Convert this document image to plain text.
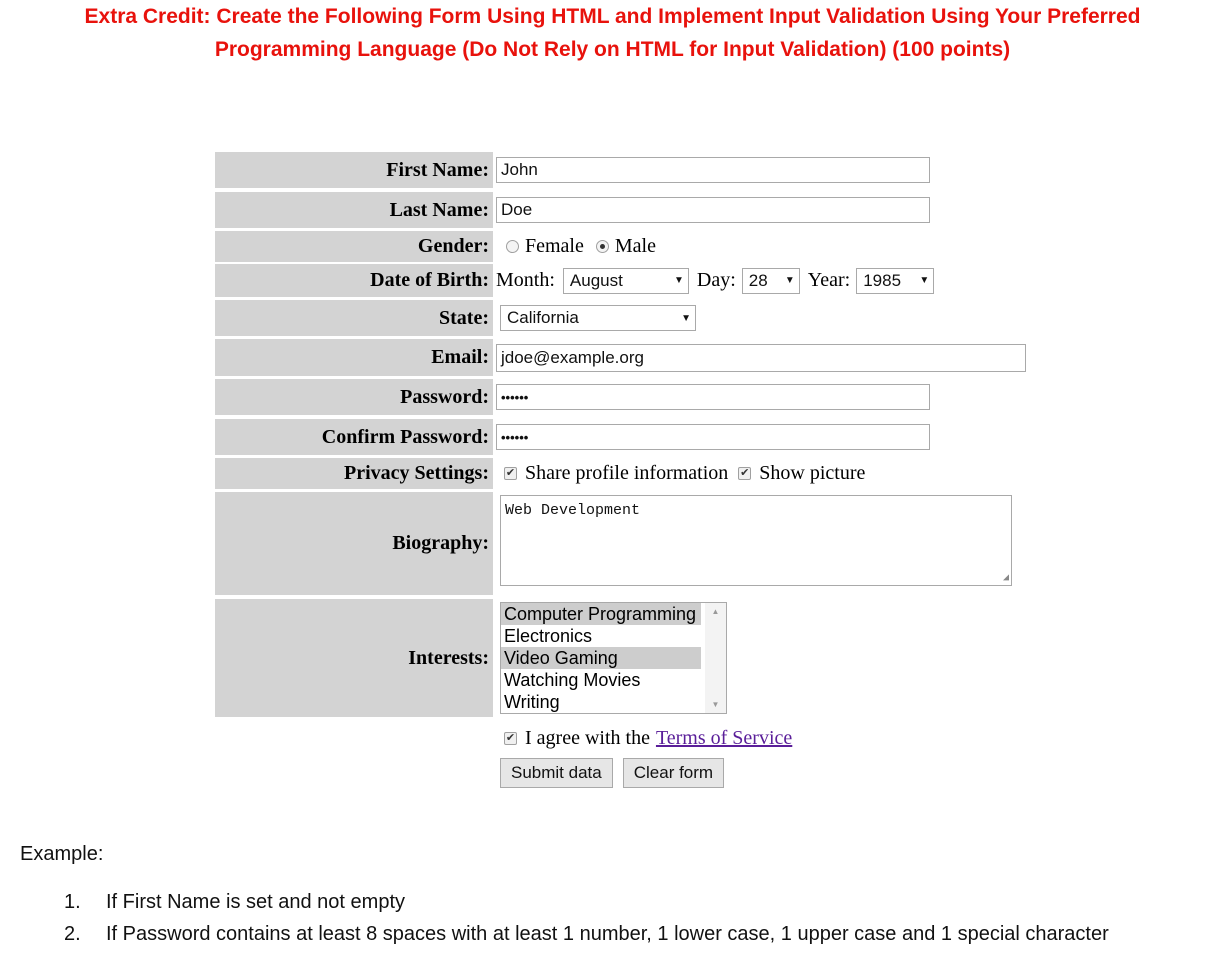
Extra Credit: Create the Following Form Using HTML and Implement Input Validation Using Your Preferred
Programming Language (Do Not Rely on HTML for Input Validation) (100 points)
First Name: John
Last Name: Doe
Gender: Female Male
Date of Birth: Month: August	▼ Day: 28 ▼ Year: 1985 ▼
State: California	▼
Email: jdoe@example.org
Password: ••••••
Confirm Password: ••••••
Privacy Settings:	✔ Share profile information ✔ Show picture
Biography:
Web Development
◢
Interests:
Computer Programming
Electronics
Video Gaming
Watching Movies
Writing
▲
▼
✔ I agree with the Terms of Service
Submit data	Clear form
Example:
1. If First Name is set and not empty
2. If Password contains at least 8 spaces with at least 1 number, 1 lower case, 1 upper case and 1 special character
